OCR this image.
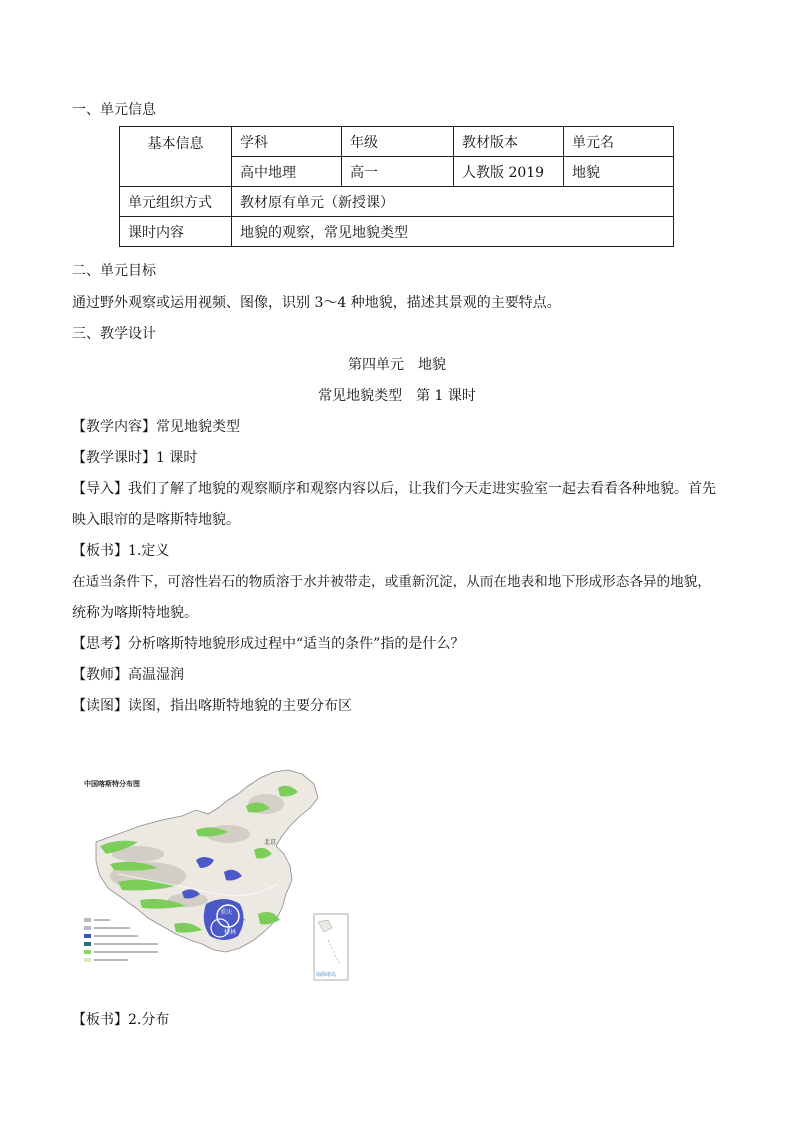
一、单元信息
基本信息	学科	年级	教材版本	单元名
	高中地理	高一	人教版 2019	地貌
单元组织方式	教材原有单元（新授课）			
课时内容	地貌的观察，常见地貌类型			
二、单元目标
通过野外观察或运用视频、图像，识别 3～4 种地貌，描述其景观的主要特点。
三、教学设计
第四单元　地貌
常见地貌类型　第 1 课时
【教学内容】常见地貌类型
【教学课时】1 课时
【导入】我们了解了地貌的观察顺序和观察内容以后，让我们今天走进实验室一起去看看各种地貌。首先
映入眼帘的是喀斯特地貌。
【板书】1.定义
在适当条件下，可溶性岩石的物质溶于水并被带走，或重新沉淀，从而在地表和地下形成形态各异的地貌，
统称为喀斯特地貌。
【思考】分析喀斯特地貌形成过程中“适当的条件”指的是什么？
【教师】高温湿润
【读图】读图，指出喀斯特地貌的主要分布区
北京
重庆
桂林
中国喀斯特分布图
南海诸岛
【板书】2.分布
